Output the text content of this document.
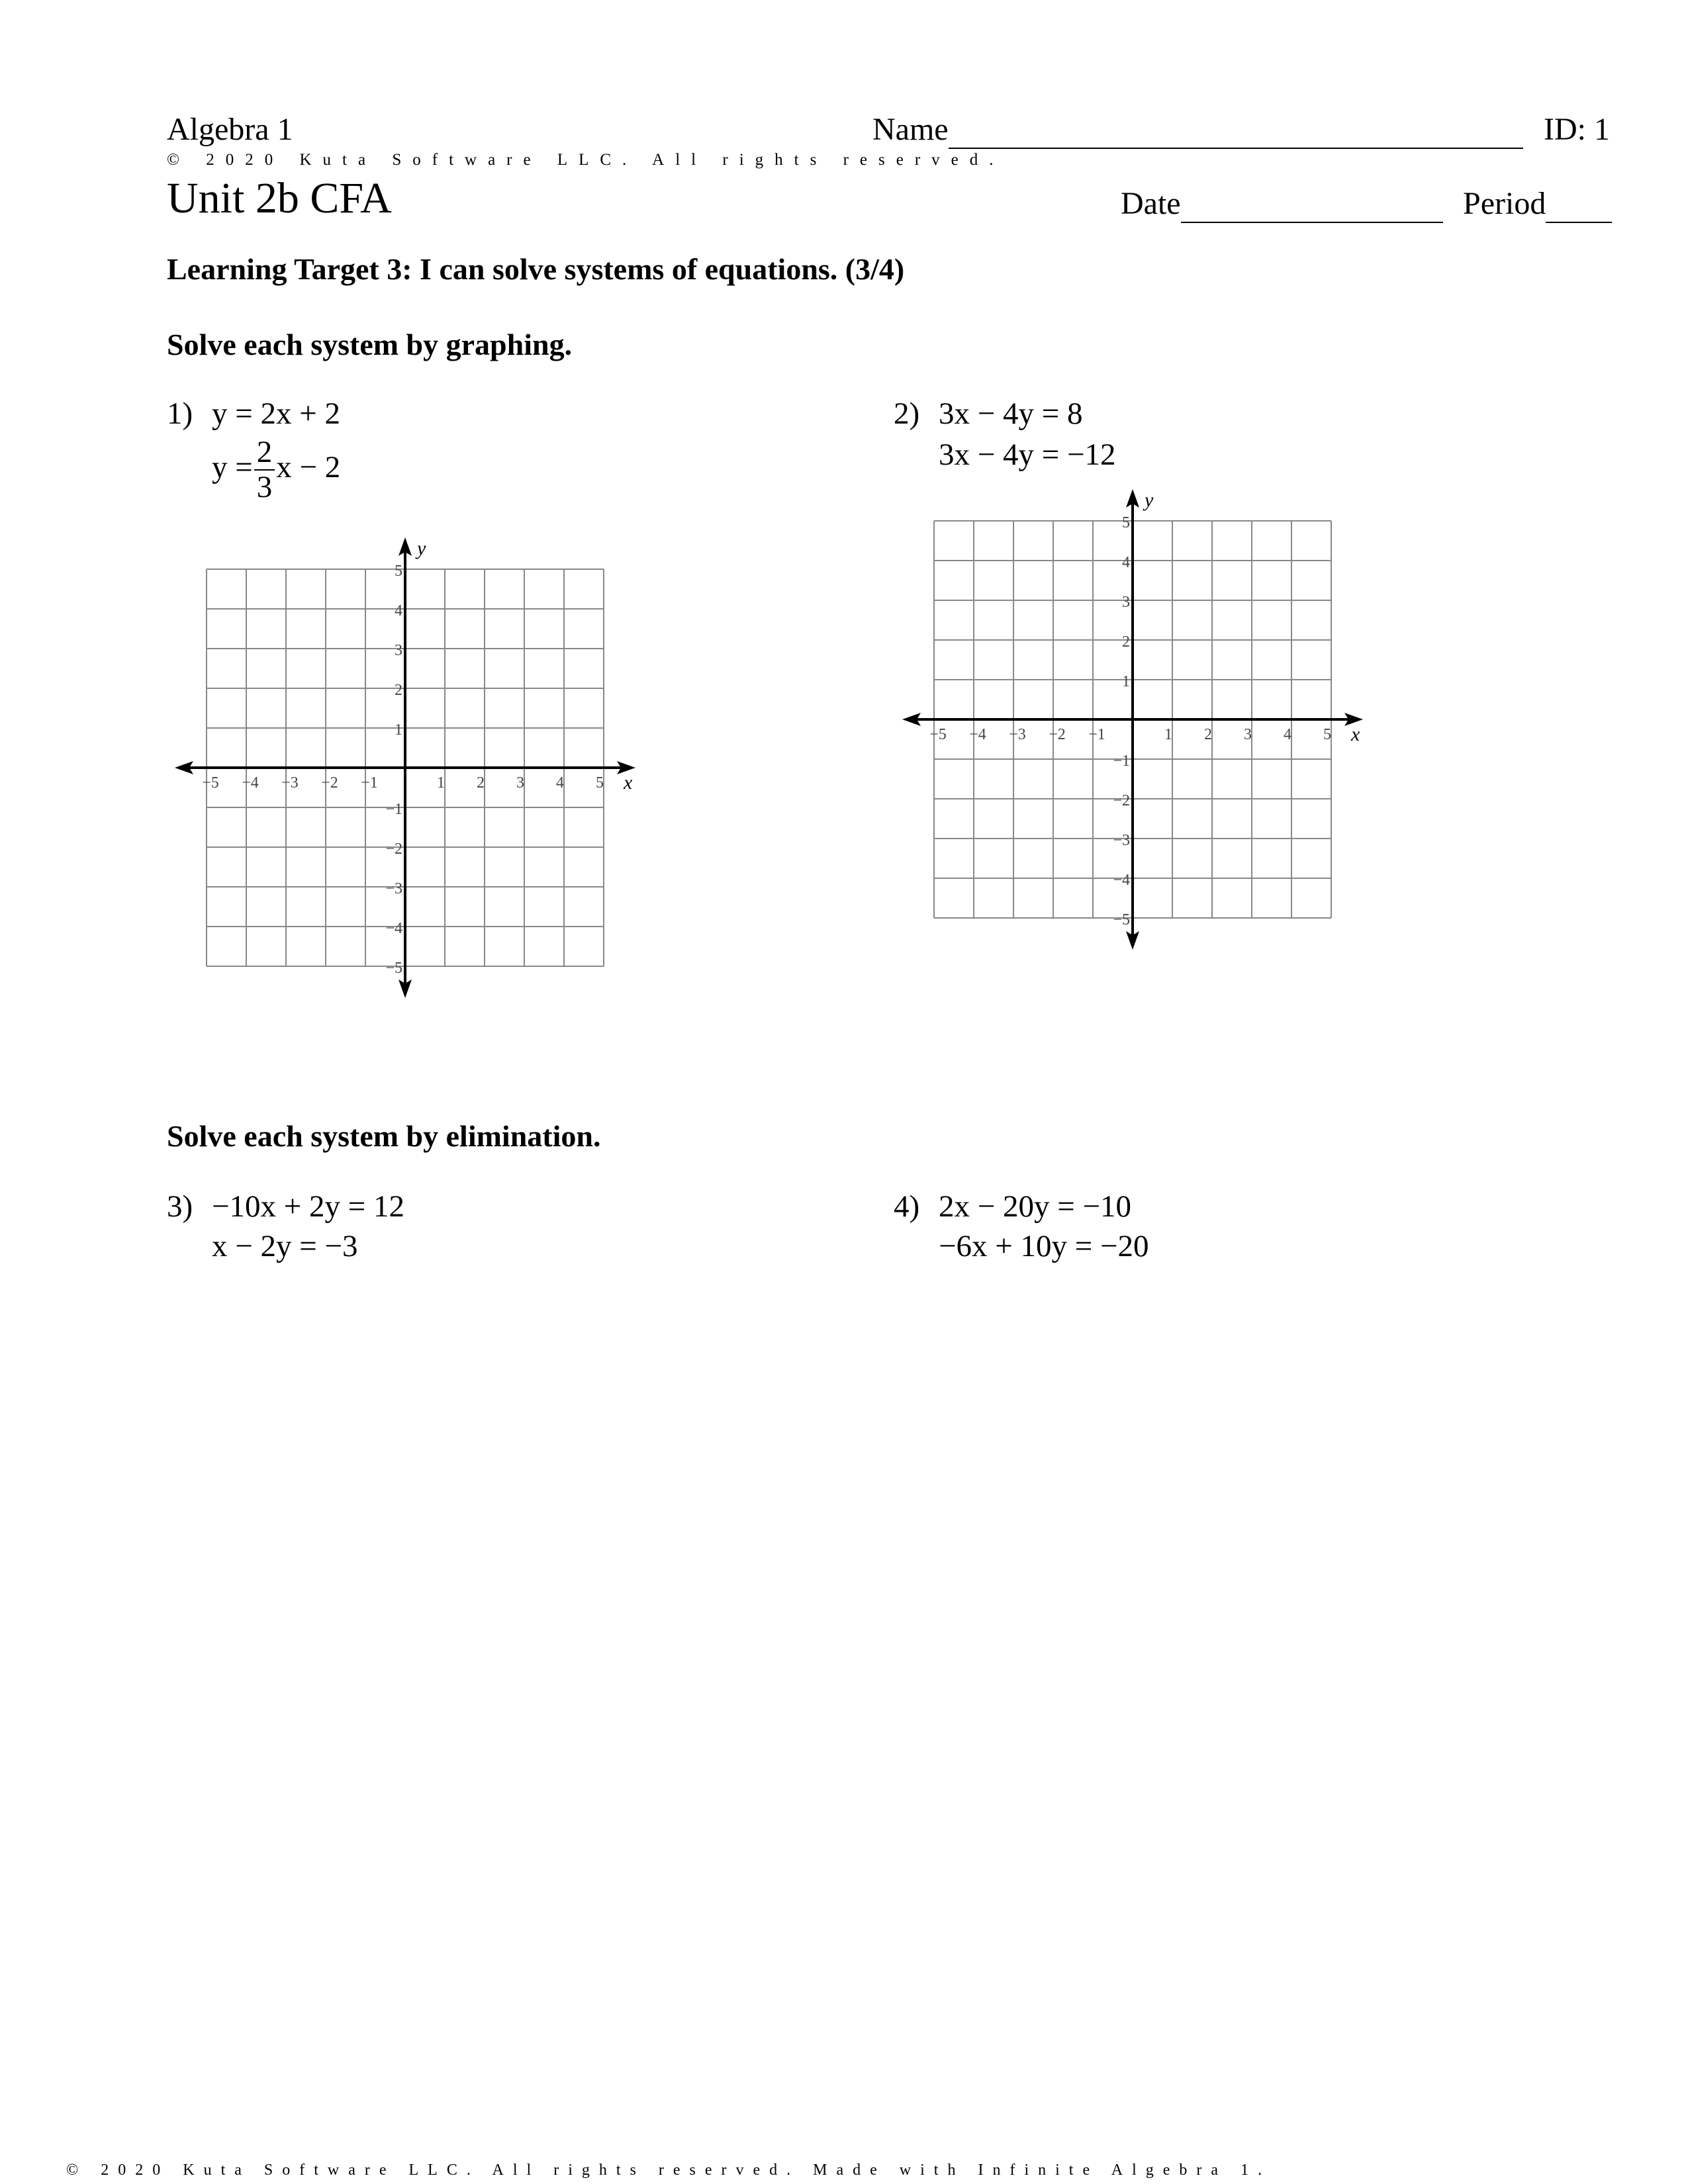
Algebra 1
© 2020 Kuta Software LLC. All rights reserved.
Unit 2b CFA
Name	ID: 1
Date	Period
Learning Target 3: I can solve systems of equations. (3/4)
Solve each system by graphing.
1) y = 2x + 2
$y = \frac{2}{3}$ x − 2
2) 3x − 4y = 8
3x − 4y = −12
x
y
1
−1
1
−1
2
−2
2
−2
3
−3
3
−3
4
−4
4
−4
5
−5
5
−5
x
y
1
−1
1
−1
2
−2
2
−2
3
−3
3
−3
4
−4
4
−4
5
−5
5
−5
Solve each system by elimination.
3) −10x + 2y = 12
x − 2y = −3
4) 2x − 20y = −10
−6x + 10y = −20
© 2020 Kuta Software LLC. All rights reserved. Made with Infinite Algebra 1.
